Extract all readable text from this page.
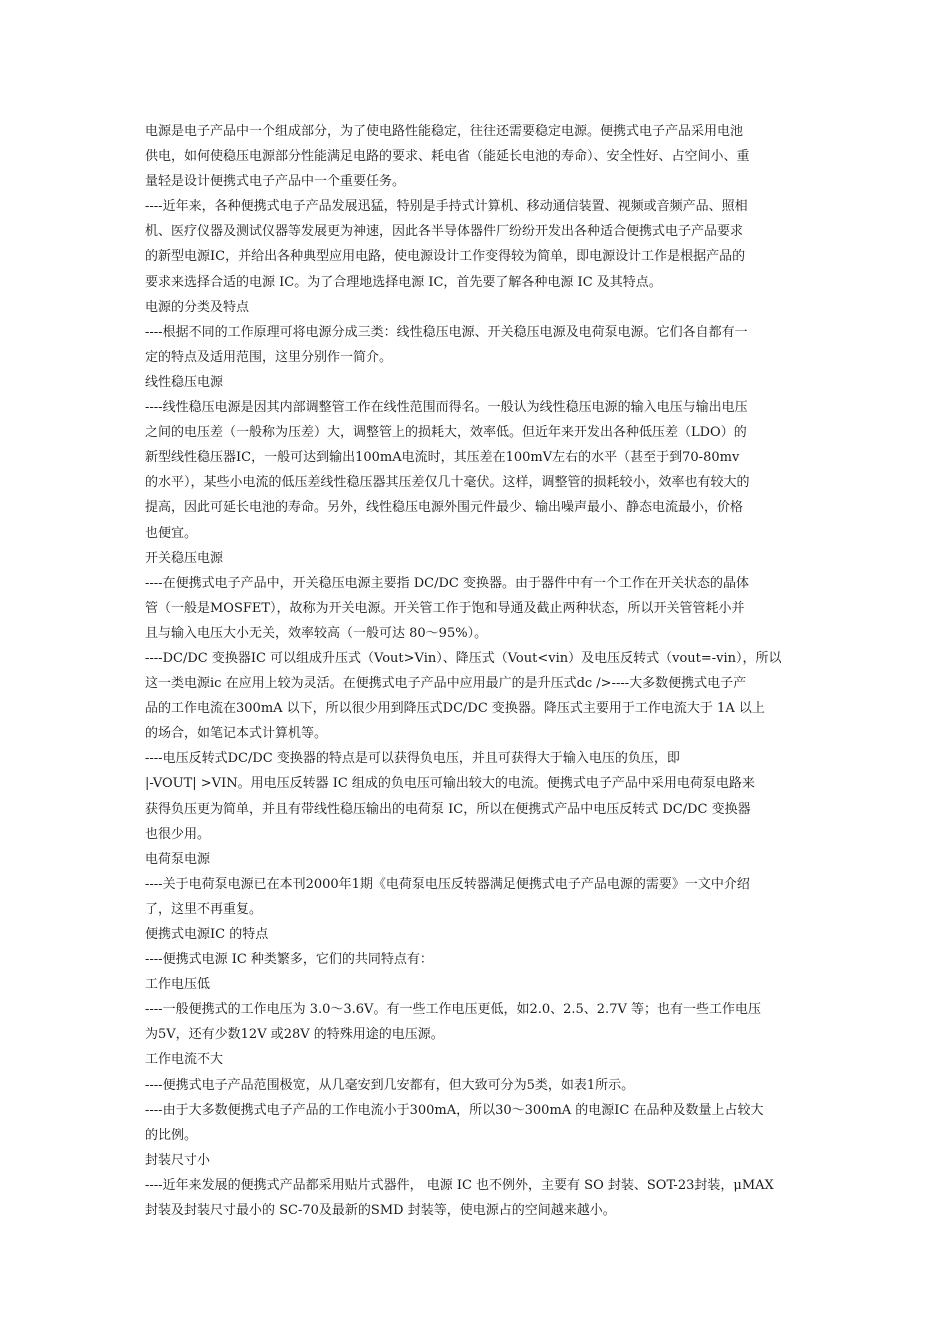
电源是电子产品中一个组成部分，为了使电路性能稳定，往往还需要稳定电源。便携式电子产品采用电池
供电，如何使稳压电源部分性能满足电路的要求、耗电省（能延长电池的寿命）、安全性好、占空间小、重
量轻是设计便携式电子产品中一个重要任务。
----近年来，各种便携式电子产品发展迅猛，特别是手持式计算机、移动通信装置、视频或音频产品、照相
机、医疗仪器及测试仪器等发展更为神速，因此各半导体器件厂纷纷开发出各种适合便携式电子产品要求
的新型电源IC，并给出各种典型应用电路，使电源设计工作变得较为简单，即电源设计工作是根据产品的
要求来选择合适的电源 IC。为了合理地选择电源 IC，首先要了解各种电源 IC 及其特点。
电源的分类及特点
----根据不同的工作原理可将电源分成三类：线性稳压电源、开关稳压电源及电荷泵电源。它们各自都有一
定的特点及适用范围，这里分别作一简介。
线性稳压电源
----线性稳压电源是因其内部调整管工作在线性范围而得名。一般认为线性稳压电源的输入电压与输出电压
之间的电压差（一般称为压差）大，调整管上的损耗大，效率低。但近年来开发出各种低压差（LDO）的
新型线性稳压器IC，一般可达到输出100mA电流时，其压差在100mV左右的水平（甚至于到70-80mv
的水平），某些小电流的低压差线性稳压器其压差仅几十毫伏。这样，调整管的损耗较小，效率也有较大的
提高，因此可延长电池的寿命。另外，线性稳压电源外围元件最少、输出噪声最小、静态电流最小，价格
也便宜。
开关稳压电源
----在便携式电子产品中，开关稳压电源主要指 DC/DC 变换器。由于器件中有一个工作在开关状态的晶体
管（一般是MOSFET），故称为开关电源。开关管工作于饱和导通及截止两种状态，所以开关管管耗小并
且与输入电压大小无关，效率较高（一般可达 80～95%）。
----DC/DC 变换器IC 可以组成升压式（Vout>Vin）、降压式（Vout<vin）及电压反转式（vout=-vin），所以
这一类电源ic 在应用上较为灵活。在便携式电子产品中应用最广的是升压式dc />----大多数便携式电子产
品的工作电流在300mA 以下，所以很少用到降压式DC/DC 变换器。降压式主要用于工作电流大于 1A 以上
的场合，如笔记本式计算机等。
----电压反转式DC/DC 变换器的特点是可以获得负电压，并且可获得大于输入电压的负压，即
|-VOUT| >VIN。用电压反转器 IC 组成的负电压可输出较大的电流。便携式电子产品中采用电荷泵电路来
获得负压更为简单，并且有带线性稳压输出的电荷泵 IC，所以在便携式产品中电压反转式 DC/DC 变换器
也很少用。
电荷泵电源
----关于电荷泵电源已在本刊2000年1期《电荷泵电压反转器满足便携式电子产品电源的需要》一文中介绍
了，这里不再重复。
便携式电源IC 的特点
----便携式电源 IC 种类繁多，它们的共同特点有：
工作电压低
----一般便携式的工作电压为 3.0～3.6V。有一些工作电压更低，如2.0、2.5、2.7V 等；也有一些工作电压
为5V，还有少数12V 或28V 的特殊用途的电压源。
工作电流不大
----便携式电子产品范围极宽，从几毫安到几安都有，但大致可分为5类，如表1所示。
----由于大多数便携式电子产品的工作电流小于300mA，所以30～300mA 的电源IC 在品种及数量上占较大
的比例。
封装尺寸小
----近年来发展的便携式产品都采用贴片式器件， 电源 IC 也不例外，主要有 SO 封装、SOT-23封装，μMAX
封装及封装尺寸最小的 SC-70及最新的SMD 封装等，使电源占的空间越来越小。
